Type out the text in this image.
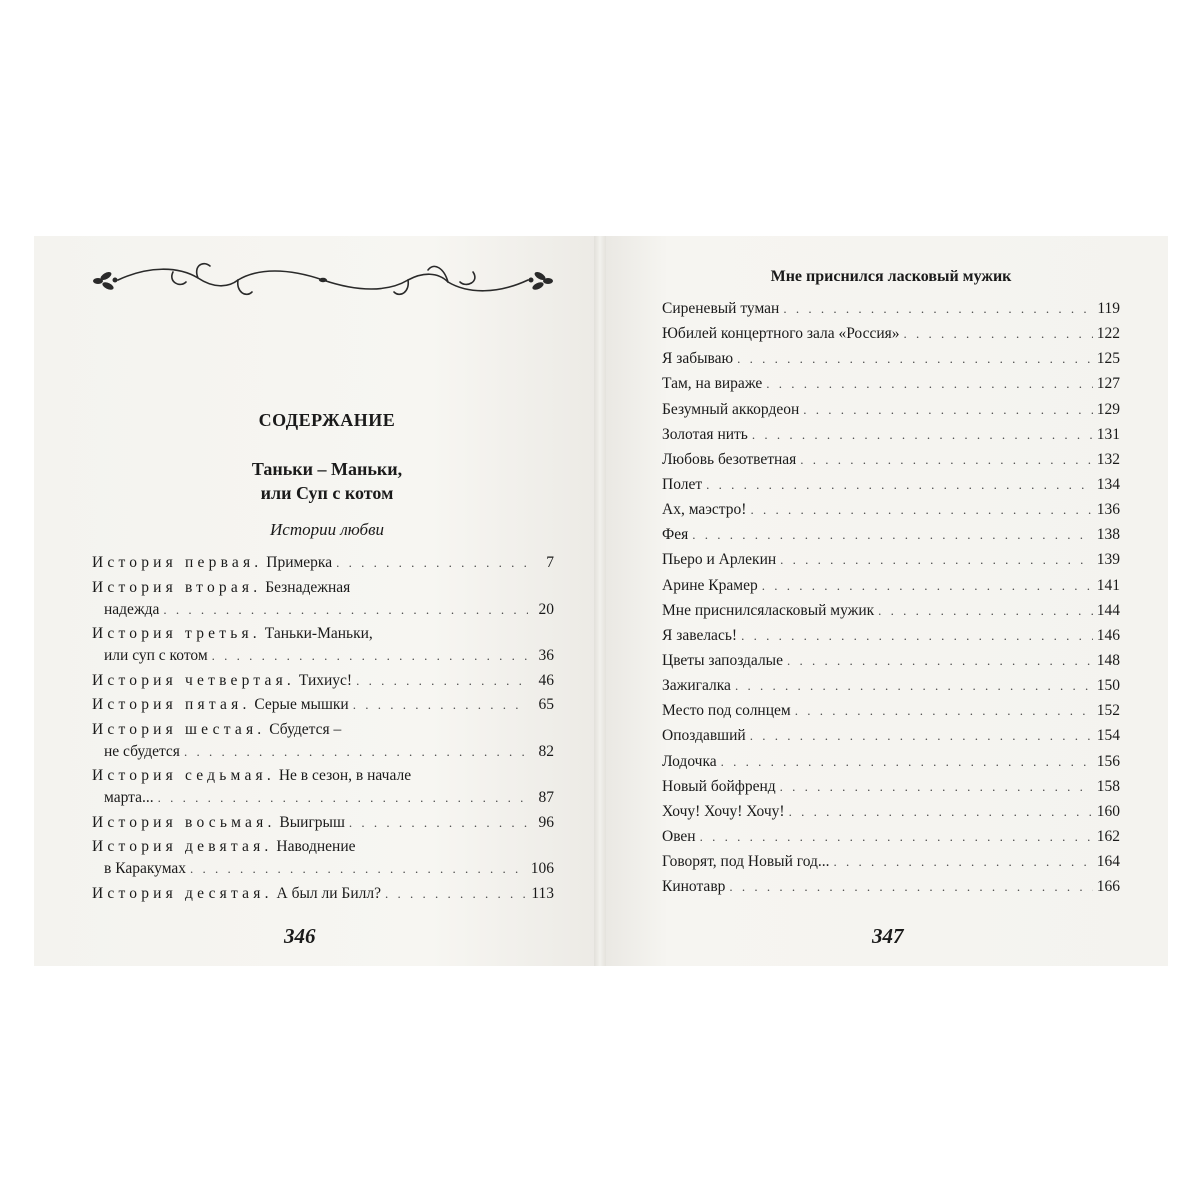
СОДЕРЖАНИЕ
Таньки – Маньки,
или Суп с котом
Истории любви
История первая. Примерка . . .	7
История вторая. Безнадежная
надежда . . .	20
История третья. Таньки-Маньки,
или суп с котом . . .	36
История четвертая. Тихиус! . . .	46
История пятая. Серые мышки . . .	65
История шестая. Сбудется –
не сбудется . . .	82
История седьмая. Не в сезон, в начале
марта... . . .	87
История восьмая. Выигрыш . . .	96
История девятая. Наводнение
в Каракумах . . .	106
История десятая. А был ли Билл? . . .	113
346
Мне приснился ласковый мужик
Сиреневый туман . . .	119
Юбилей концертного зала «Россия» . . .	122
Я забываю . . .	125
Там, на вираже . . .	127
Безумный аккордеон . . .	129
Золотая нить . . .	131
Любовь безответная . . .	132
Полет . . .	134
Ах, маэстро! . . .	136
Фея . . .	138
Пьеро и Арлекин . . .	139
Арине Крамер . . .	141
Мне приснилсяласковый мужик . . .	144
Я завелась! . . .	146
Цветы запоздалые . . .	148
Зажигалка . . .	150
Место под солнцем . . .	152
Опоздавший . . .	154
Лодочка . . .	156
Новый бойфренд . . .	158
Хочу! Хочу! Хочу! . . .	160
Овен . . .	162
Говорят, под Новый год... . . .	164
Кинотавр . . .	166
347
